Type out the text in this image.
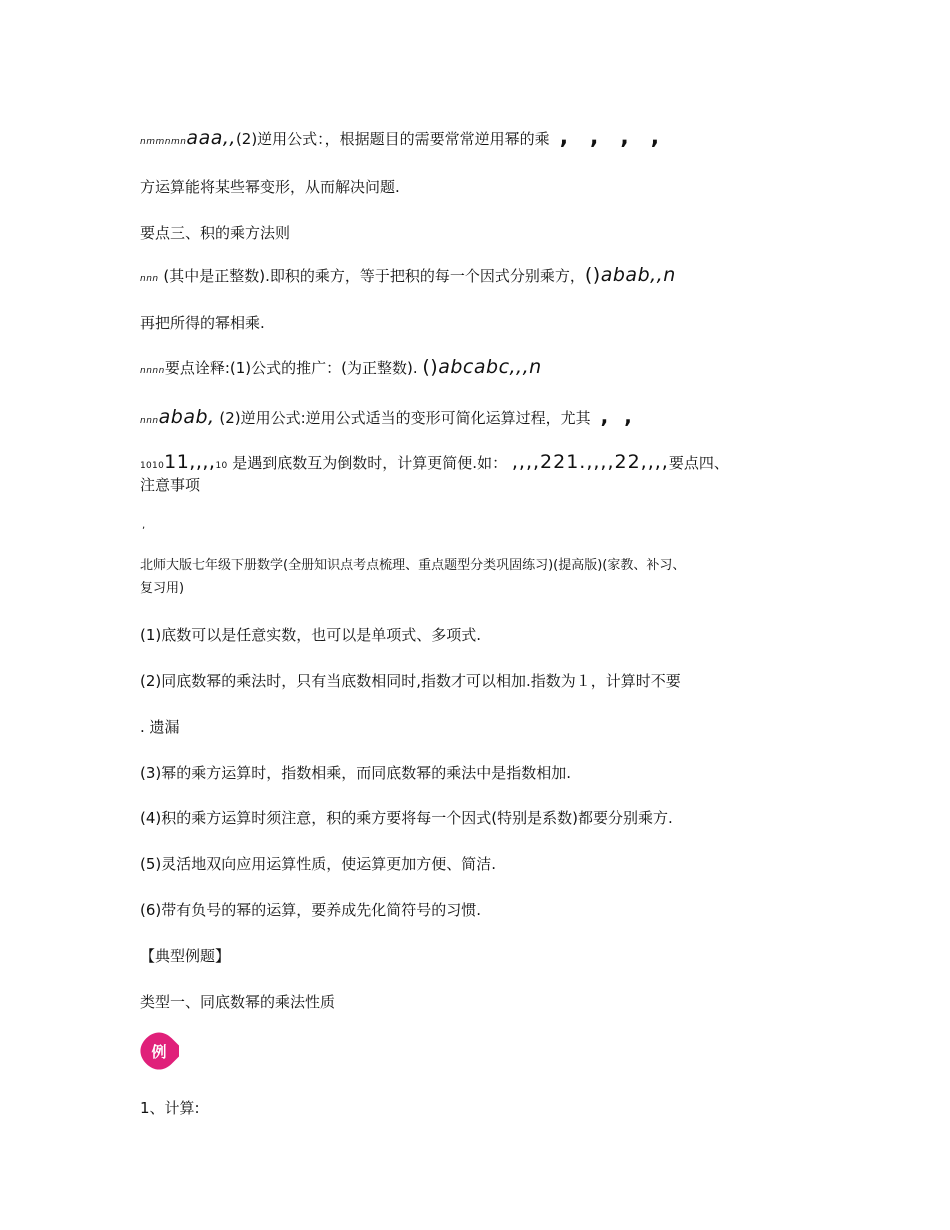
nmmnmnaaa,,(2)逆用公式：，根据题目的需要常常逆用幂的乘 ,,,,
方运算能将某些幂变形，从而解决问题.
要点三、积的乘方法则
nnn (其中是正整数).即积的乘方，等于把积的每一个因式分别乘方，()abab,,n
再把所得的幂相乘.
nnnn要点诠释:(1)公式的推广：(为正整数). ()abcabc,,,n
nnnabab, (2)逆用公式:逆用公式适当的变形可简化运算过程，尤其 ,,
101011,,,,10 是遇到底数互为倒数时，计算更简便.如： ,,,,221.,,,,22,,,,要点四、
注意事项
,
北师大版七年级下册数学(全册知识点考点梳理、重点题型分类巩固练习)(提高版)(家教、补习、
复习用)
(1)底数可以是任意实数，也可以是单项式、多项式.
(2)同底数幂的乘法时，只有当底数相同时,指数才可以相加.指数为１，计算时不要
. 遗漏
(3)幂的乘方运算时，指数相乘，而同底数幂的乘法中是指数相加.
(4)积的乘方运算时须注意，积的乘方要将每一个因式(特别是系数)都要分别乘方.
(5)灵活地双向应用运算性质，使运算更加方便、简洁.
(6)带有负号的幂的运算，要养成先化简符号的习惯.
【典型例题】
类型一、同底数幂的乘法性质
例
1、计算:
